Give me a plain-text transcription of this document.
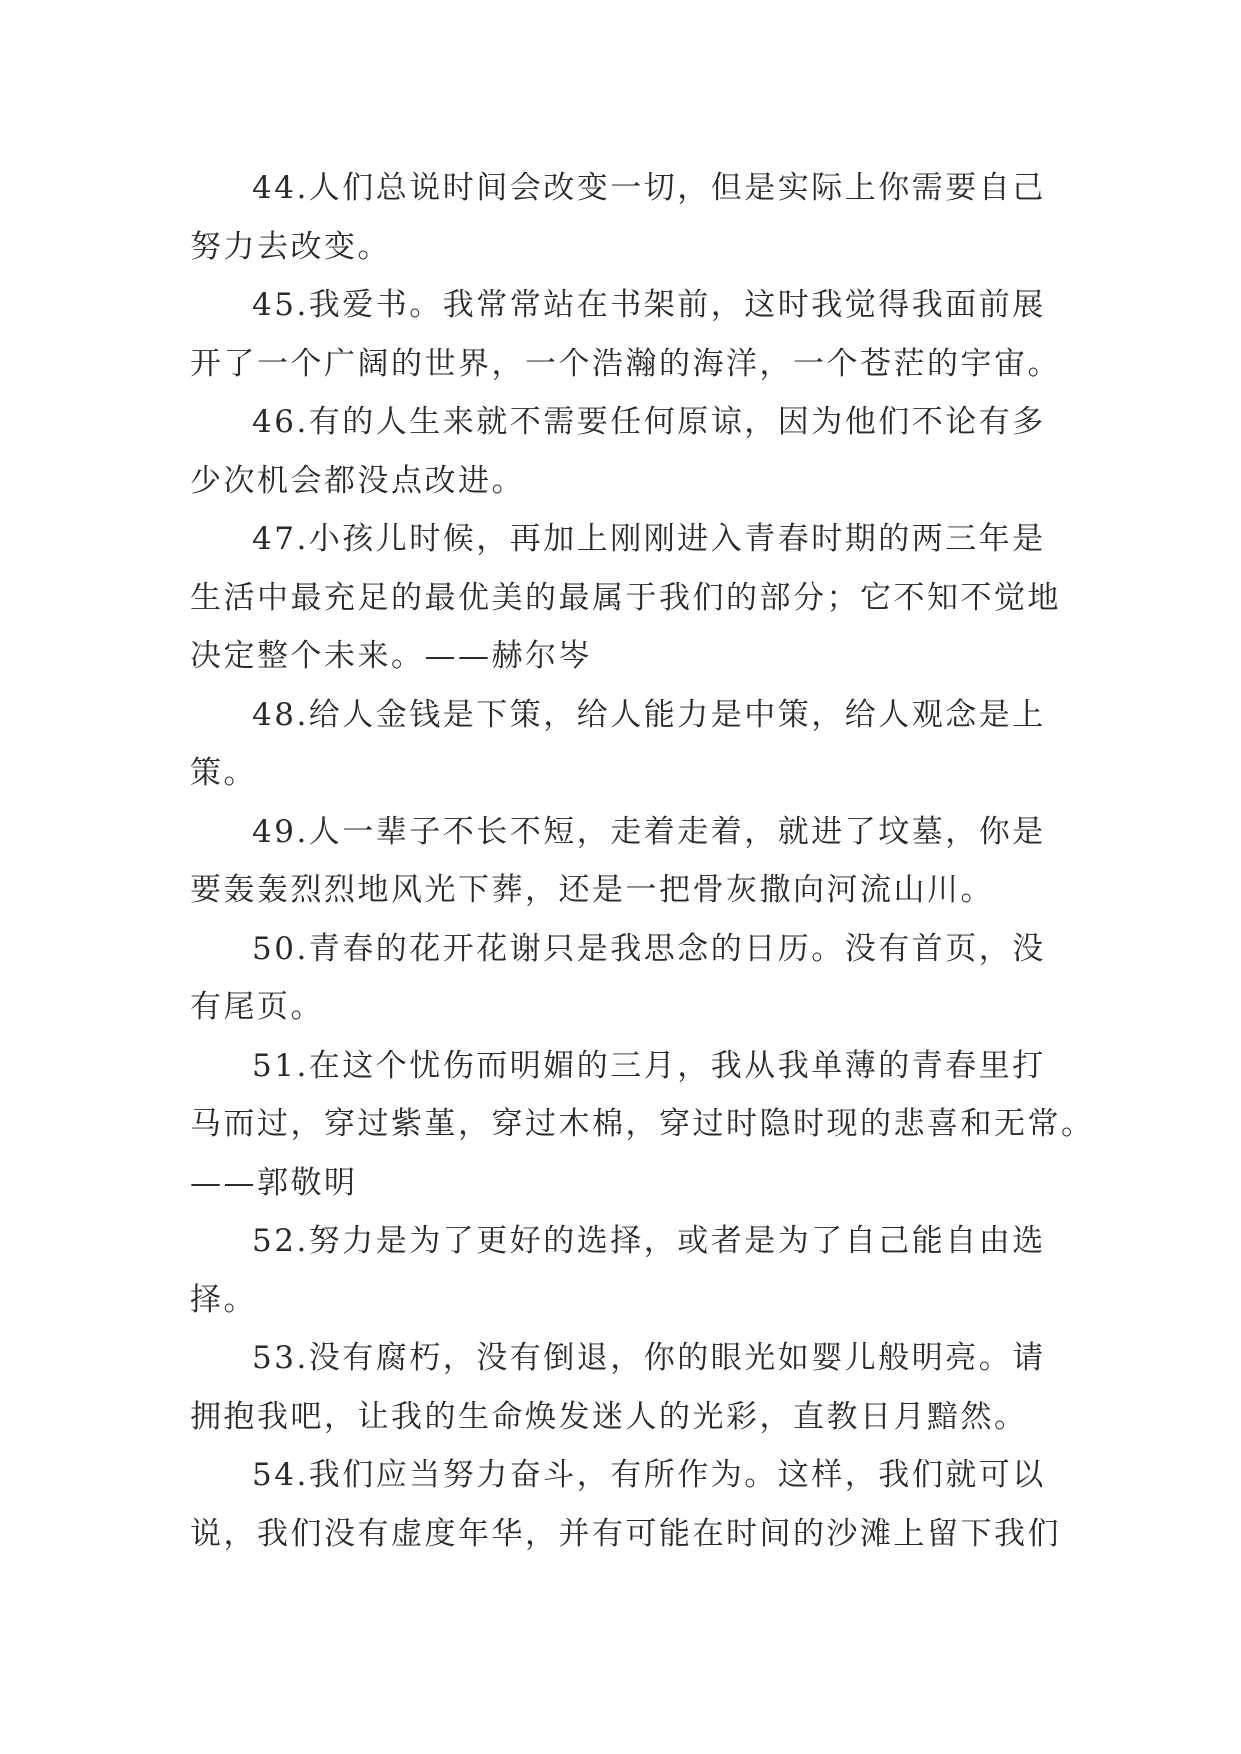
44.人们总说时间会改变一切，但是实际上你需要自己
努力去改变。
45.我爱书。我常常站在书架前，这时我觉得我面前展
开了一个广阔的世界，一个浩瀚的海洋，一个苍茫的宇宙。
46.有的人生来就不需要任何原谅，因为他们不论有多
少次机会都没点改进。
47.小孩儿时候，再加上刚刚进入青春时期的两三年是
生活中最充足的最优美的最属于我们的部分；它不知不觉地
决定整个未来。——赫尔岑
48.给人金钱是下策，给人能力是中策，给人观念是上
策。
49.人一辈子不长不短，走着走着，就进了坟墓，你是
要轰轰烈烈地风光下葬，还是一把骨灰撒向河流山川。
50.青春的花开花谢只是我思念的日历。没有首页，没
有尾页。
51.在这个忧伤而明媚的三月，我从我单薄的青春里打
马而过，穿过紫堇，穿过木棉，穿过时隐时现的悲喜和无常。
——郭敬明
52.努力是为了更好的选择，或者是为了自己能自由选
择。
53.没有腐朽，没有倒退，你的眼光如婴儿般明亮。请
拥抱我吧，让我的生命焕发迷人的光彩，直教日月黯然。
54.我们应当努力奋斗，有所作为。这样，我们就可以
说，我们没有虚度年华，并有可能在时间的沙滩上留下我们
